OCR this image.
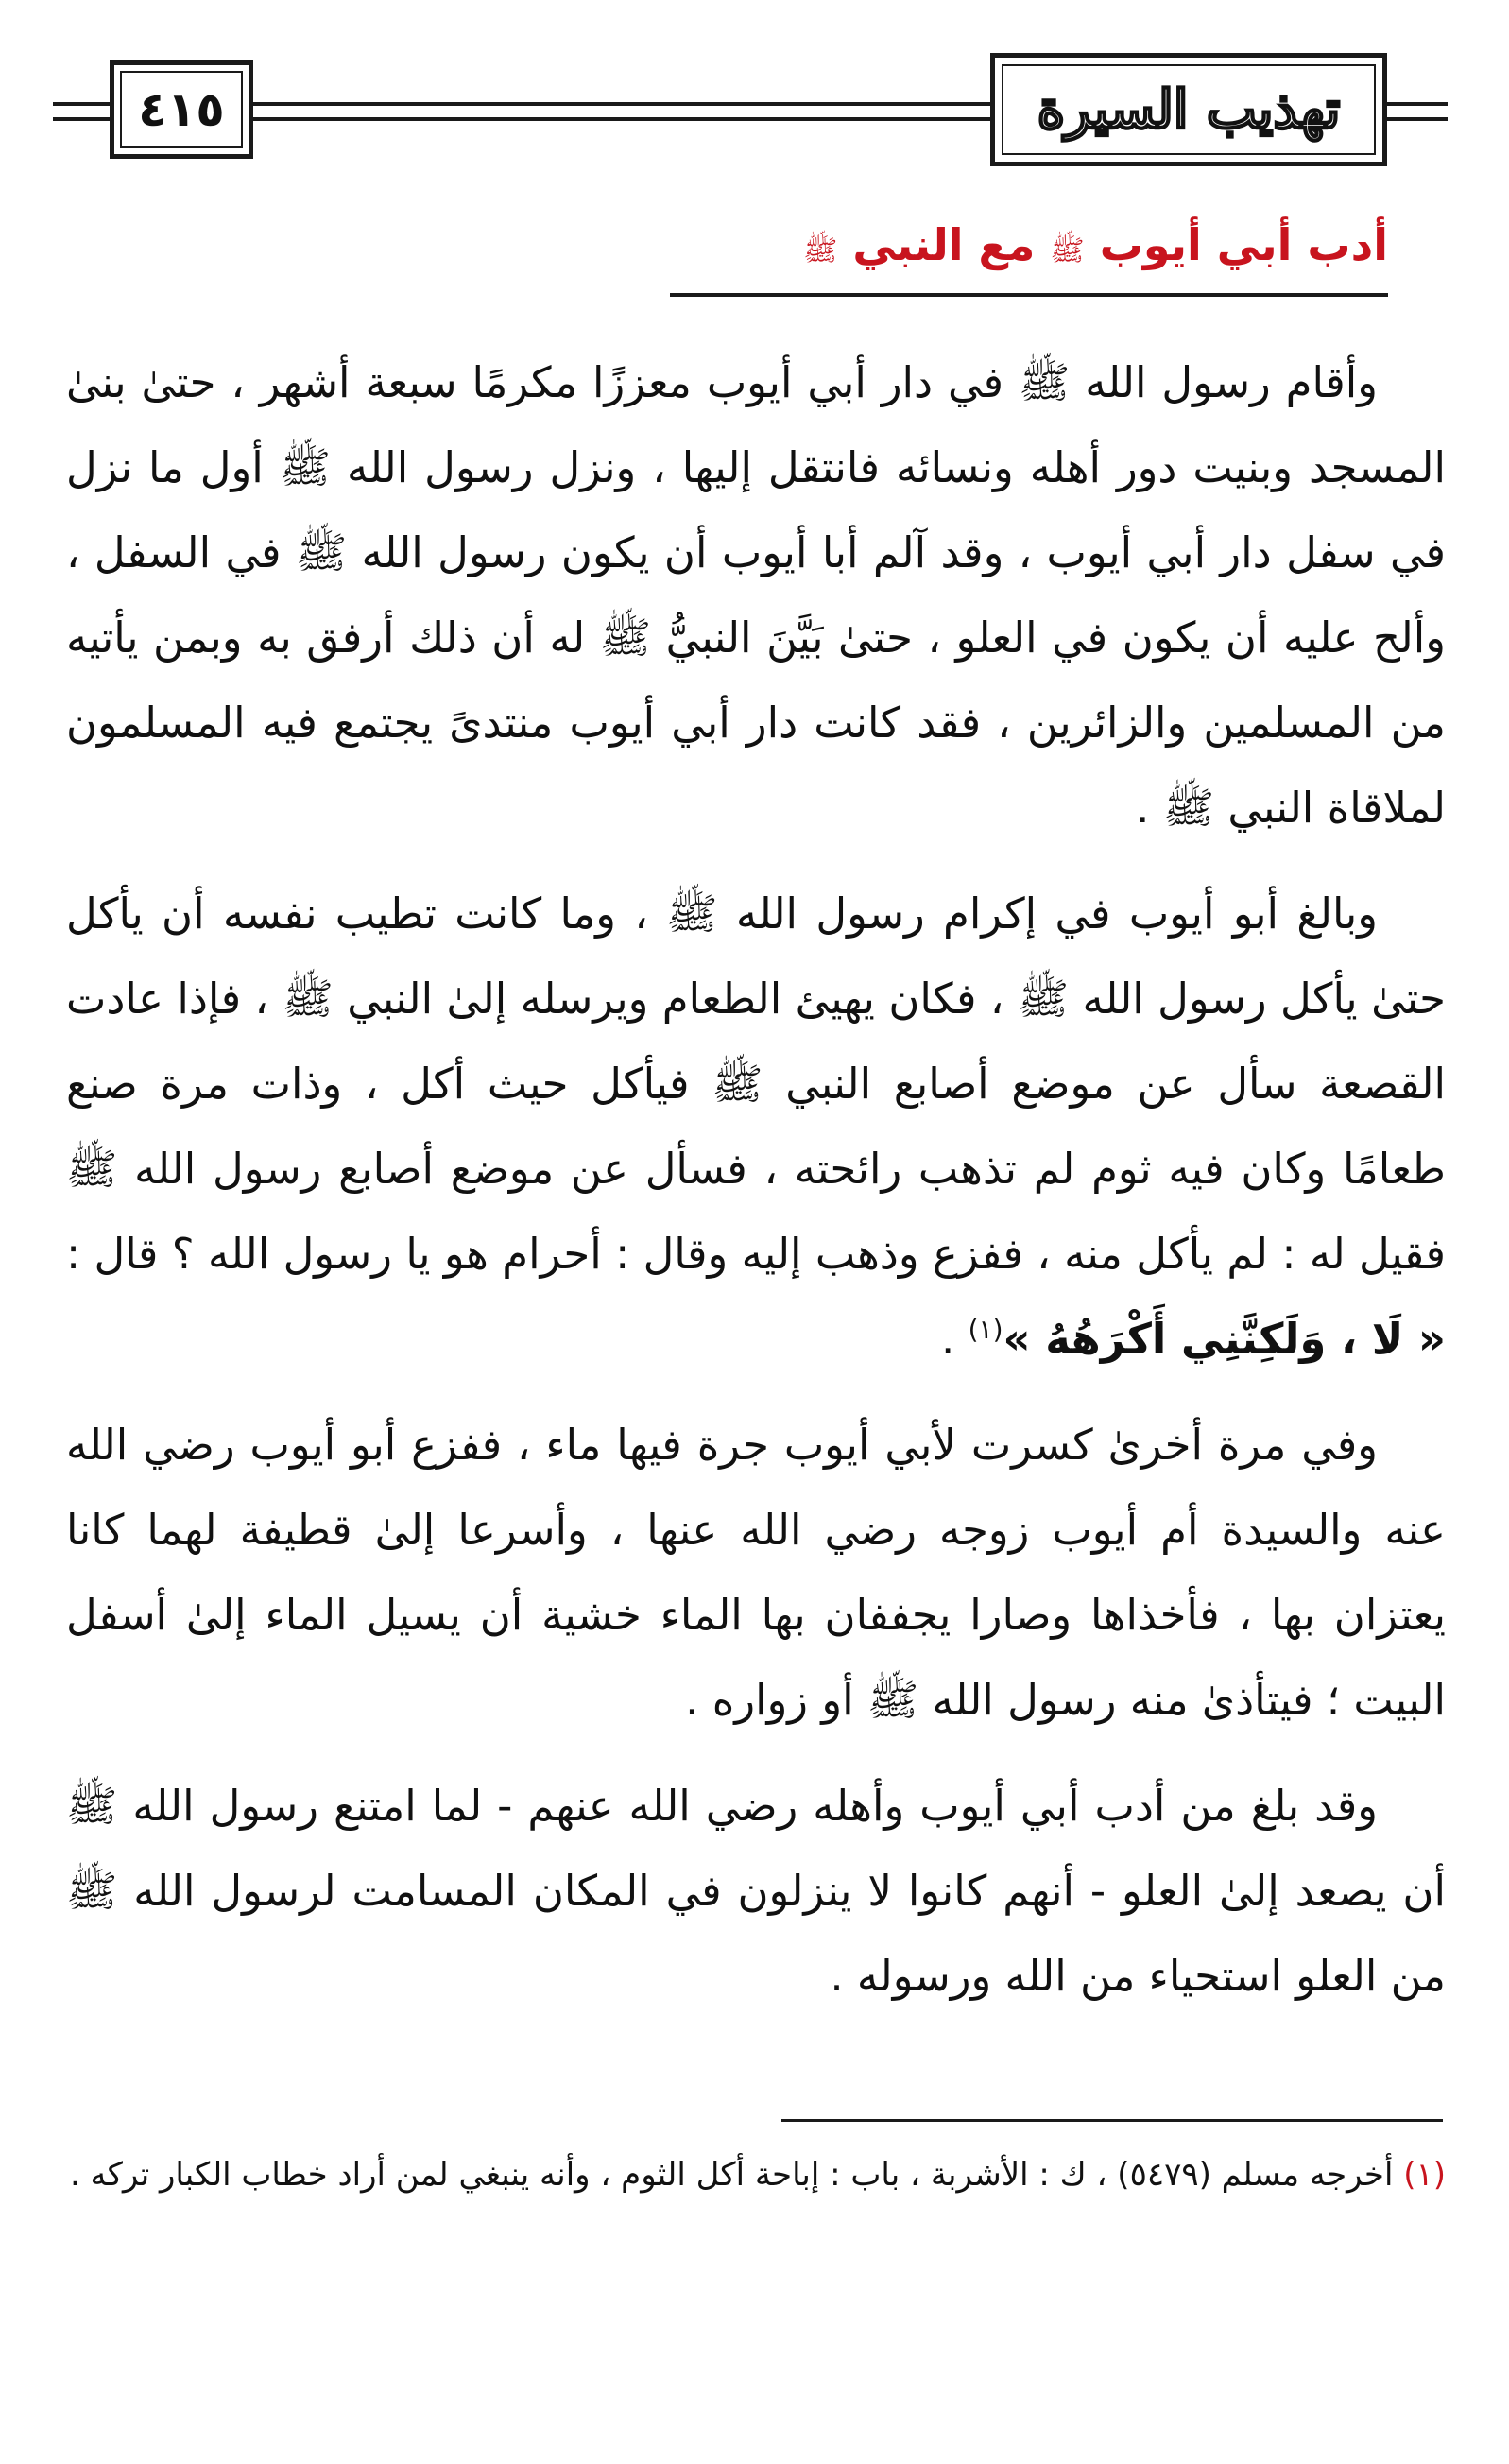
٤١٥	تهذيب السيرة
أدب أبي أيوب ﷺ مع النبي ﷺ

وأقام رسول الله ﷺ في دار أبي أيوب معززًا مكرمًا سبعة أشهر ، حتىٰ بنىٰ المسجد وبنيت دور أهله ونسائه فانتقل إليها ، ونزل رسول الله ﷺ أول ما نزل في سفل دار أبي أيوب ، وقد آلم أبا أيوب أن يكون رسول الله ﷺ في السفل ، وألح عليه أن يكون في العلو ، حتىٰ بَيَّنَ النبيُّ ﷺ له أن ذلك أرفق به وبمن يأتيه من المسلمين والزائرين ، فقد كانت دار أبي أيوب منتدىً يجتمع فيه المسلمون لملاقاة النبي ﷺ .

وبالغ أبو أيوب في إكرام رسول الله ﷺ ، وما كانت تطيب نفسه أن يأكل حتىٰ يأكل رسول الله ﷺ ، فكان يهيئ الطعام ويرسله إلىٰ النبي ﷺ ، فإذا عادت القصعة سأل عن موضع أصابع النبي ﷺ فيأكل حيث أكل ، وذات مرة صنع طعامًا وكان فيه ثوم لم تذهب رائحته ، فسأل عن موضع أصابع رسول الله ﷺ فقيل له : لم يأكل منه ، ففزع وذهب إليه وقال : أحرام هو يا رسول الله ؟ قال : « لَا ، وَلَكِنَّنِي أَكْرَهُهُ »$^{(١)}$ .

وفي مرة أخرىٰ كسرت لأبي أيوب جرة فيها ماء ، ففزع أبو أيوب رضي الله عنه والسيدة أم أيوب زوجه رضي الله عنها ، وأسرعا إلىٰ قطيفة لهما كانا يعتزان بها ، فأخذاها وصارا يجففان بها الماء خشية أن يسيل الماء إلىٰ أسفل البيت ؛ فيتأذىٰ منه رسول الله ﷺ أو زواره .

وقد بلغ من أدب أبي أيوب وأهله رضي الله عنهم - لما امتنع رسول الله ﷺ أن يصعد إلىٰ العلو - أنهم كانوا لا ينزلون في المكان المسامت لرسول الله ﷺ من العلو استحياء من الله ورسوله .

(١) أخرجه مسلم (٥٤٧٩) ، ك : الأشربة ، باب : إباحة أكل الثوم ، وأنه ينبغي لمن أراد خطاب الكبار تركه .
